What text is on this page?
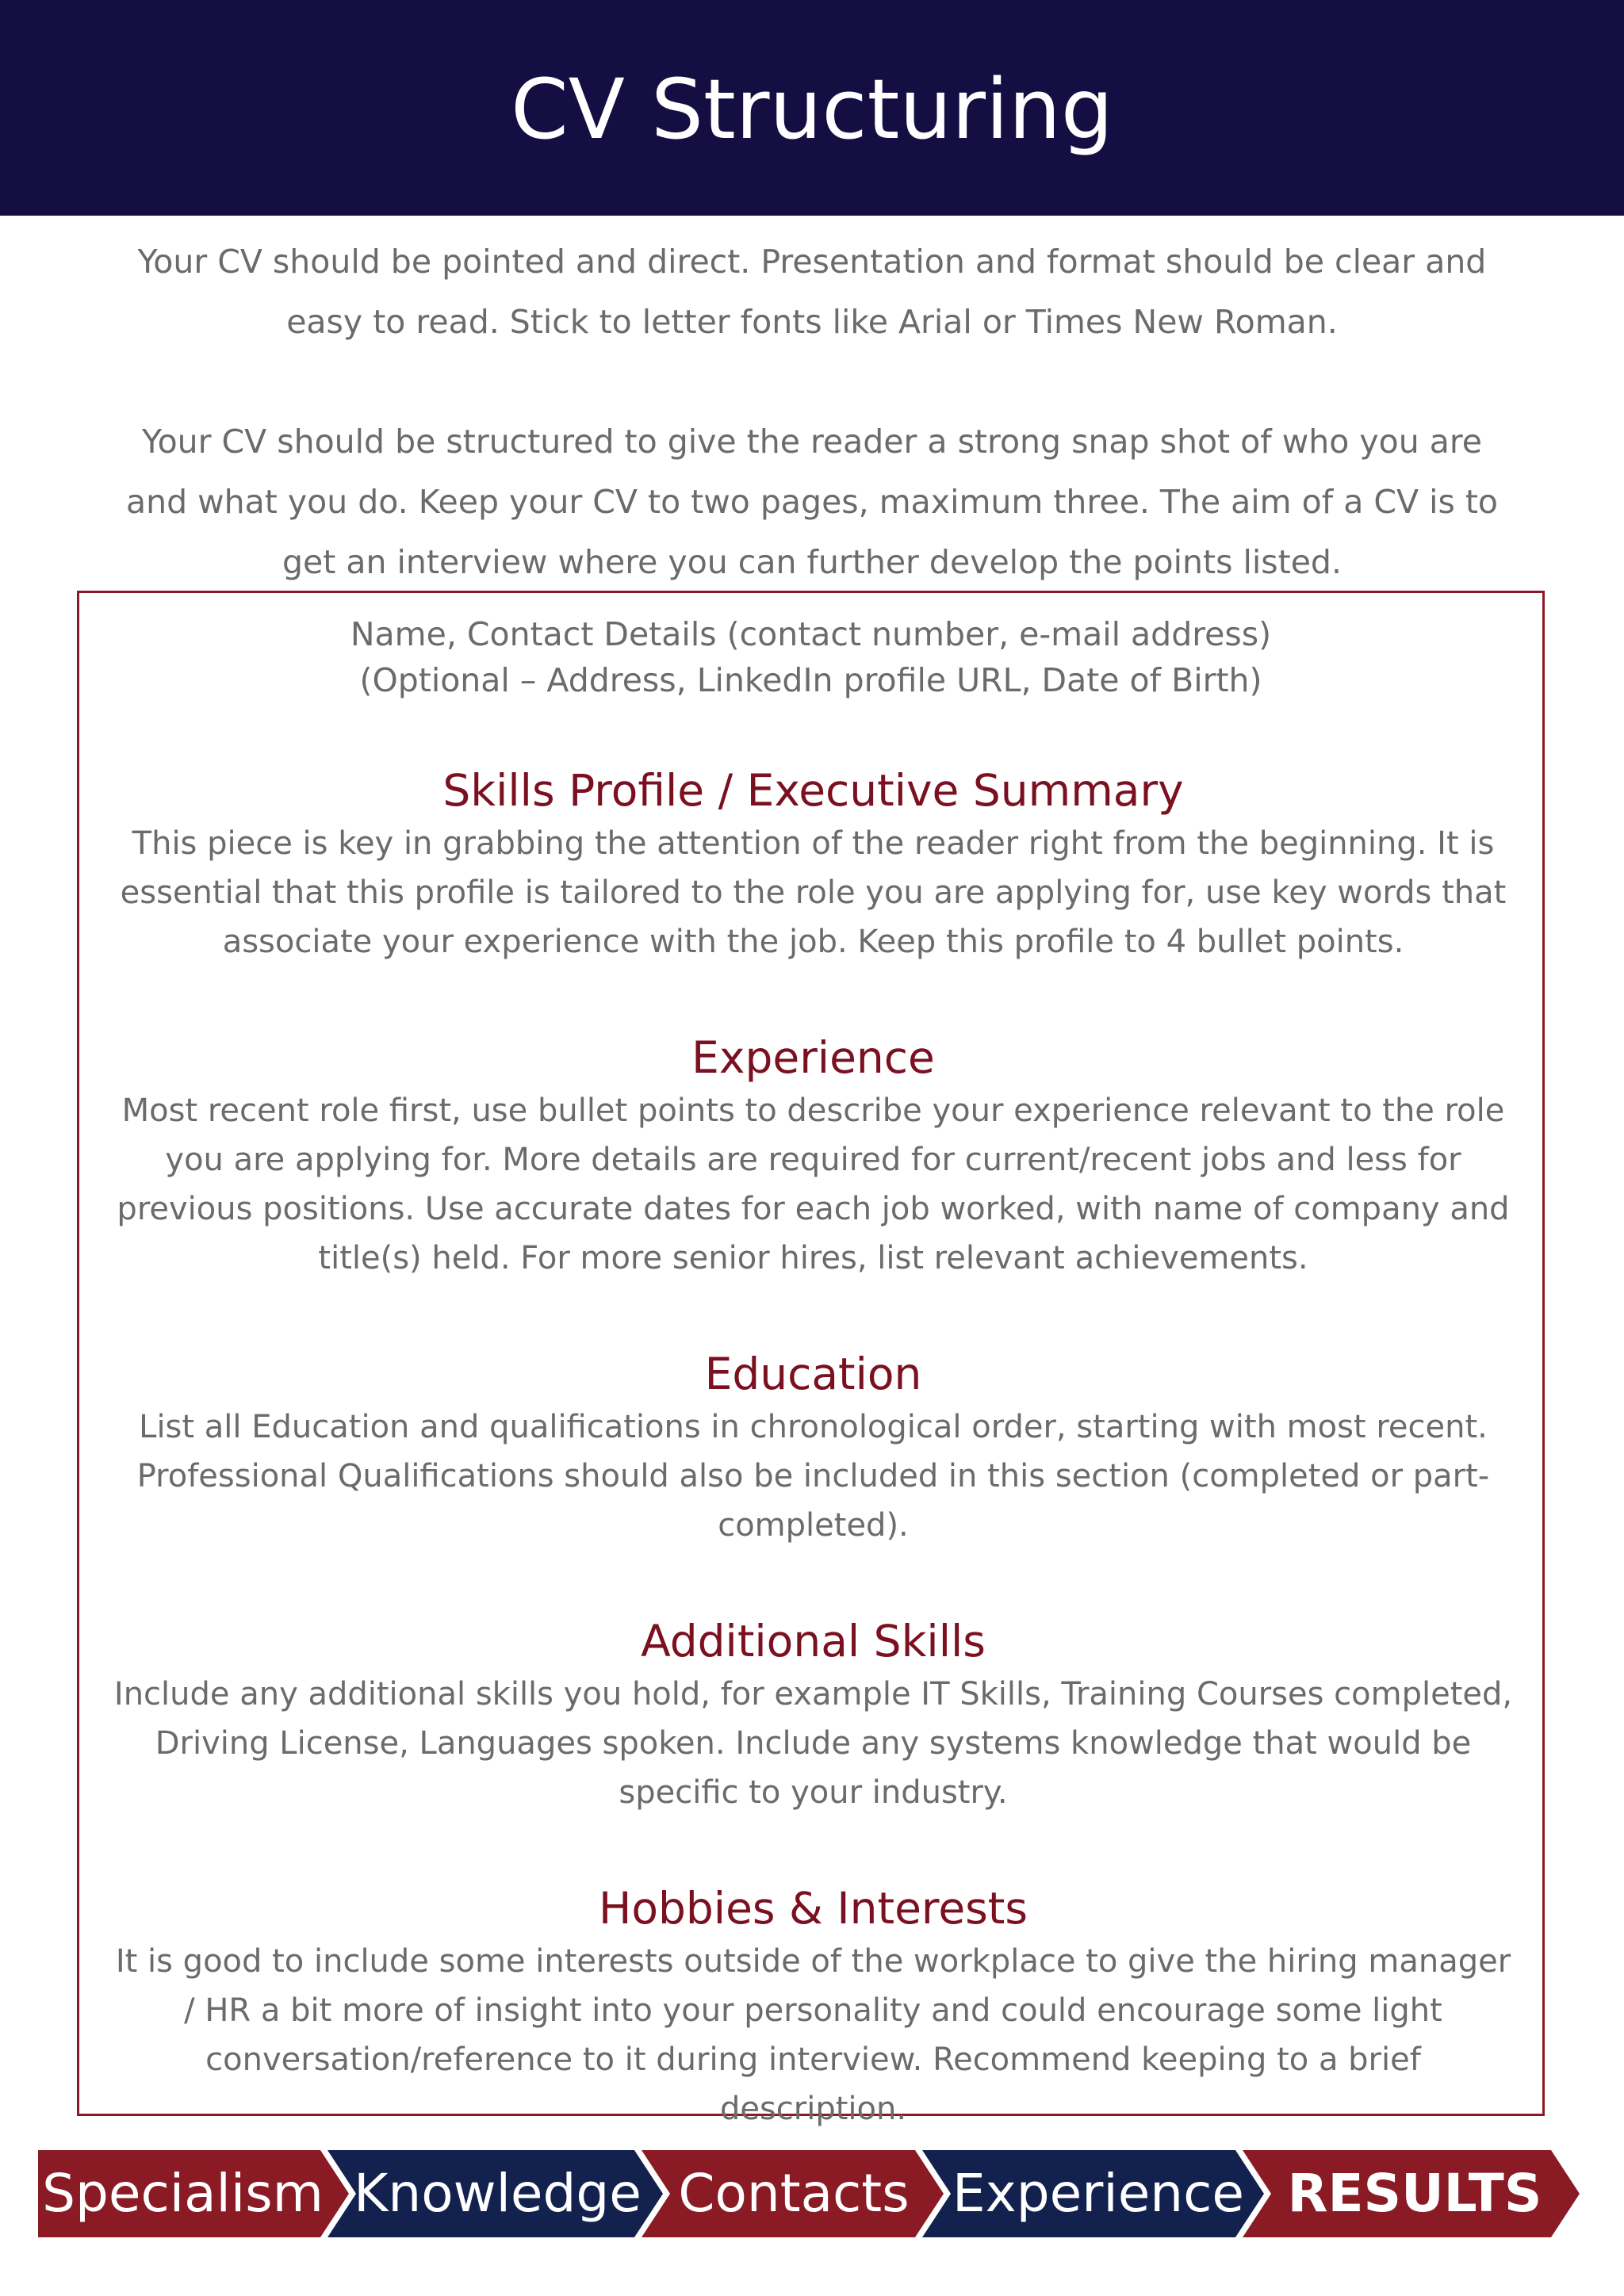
CV Structuring

Your CV should be pointed and direct. Presentation and format should be clear and easy to read. Stick to letter fonts like Arial or Times New Roman.

Your CV should be structured to give the reader a strong snap shot of who you are and what you do. Keep your CV to two pages, maximum three. The aim of a CV is to get an interview where you can further develop the points listed.

Name, Contact Details (contact number, e-mail address)
(Optional – Address, LinkedIn profile URL, Date of Birth)
Skills Profile / Executive Summary

This piece is key in grabbing the attention of the reader right from the beginning. It is essential that this profile is tailored to the role you are applying for, use key words that associate your experience with the job. Keep this profile to 4 bullet points.

Experience

Most recent role first, use bullet points to describe your experience relevant to the role you are applying for. More details are required for current/recent jobs and less for previous positions. Use accurate dates for each job worked, with name of company and title(s) held. For more senior hires, list relevant achievements.

Education

List all Education and qualifications in chronological order, starting with most recent. Professional Qualifications should also be included in this section (completed or part-completed).

Additional Skills

Include any additional skills you hold, for example IT Skills, Training Courses completed, Driving License, Languages spoken. Include any systems knowledge that would be specific to your industry.

Hobbies & Interests

It is good to include some interests outside of the workplace to give the hiring manager / HR a bit more of insight into your personality and could encourage some light conversation/reference to it during interview. Recommend keeping to a brief description.

Specialism Knowledge Contacts Experience RESULTS
